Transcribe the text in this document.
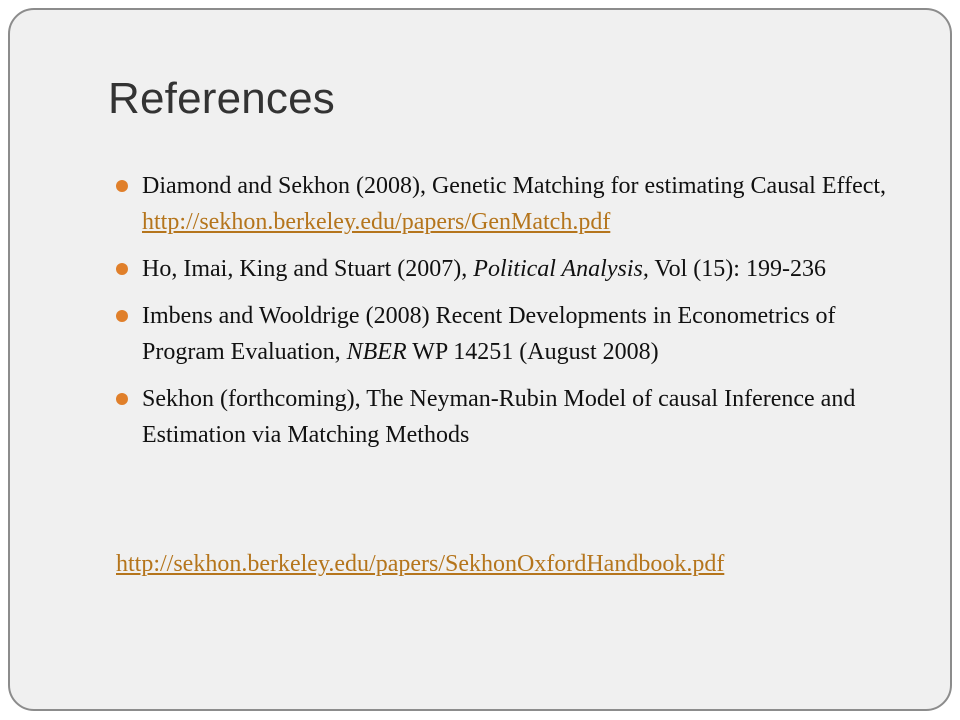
References
Diamond and Sekhon (2008), Genetic Matching for estimating Causal Effect, http://sekhon.berkeley.edu/papers/GenMatch.pdf
Ho, Imai, King and Stuart (2007), Political Analysis, Vol (15): 199-236
Imbens and Wooldrige (2008) Recent Developments in Econometrics of Program Evaluation, NBER WP 14251 (August 2008)
Sekhon (forthcoming), The Neyman-Rubin Model of causal Inference and Estimation via Matching Methods
http://sekhon.berkeley.edu/papers/SekhonOxfordHandbook.pdf
